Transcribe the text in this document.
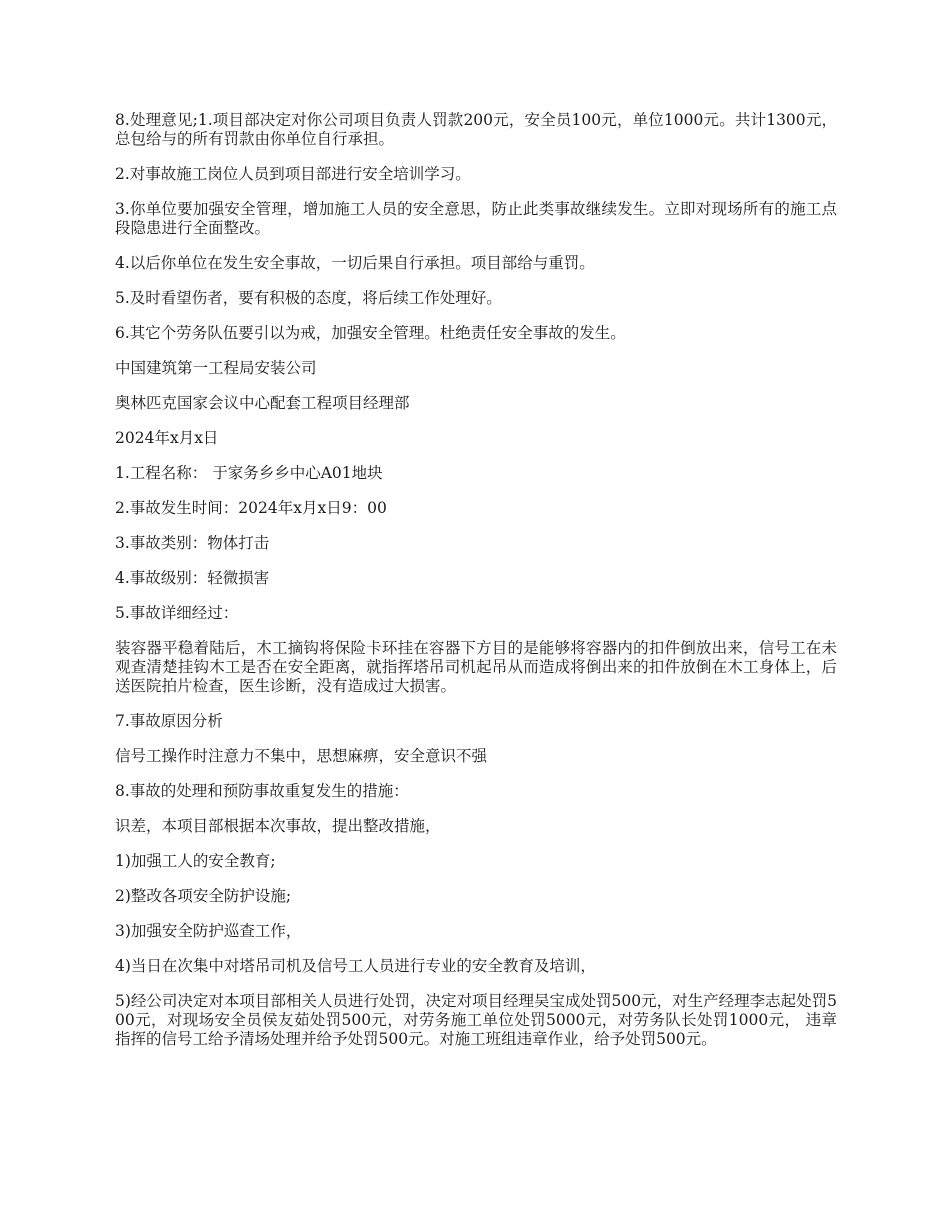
8.处理意见;1.项目部决定对你公司项目负责人罚款200元，安全员100元，单位1000元。共计1300元，总包给与的所有罚款由你单位自行承担。

2.对事故施工岗位人员到项目部进行安全培训学习。

3.你单位要加强安全管理，增加施工人员的安全意思，防止此类事故继续发生。立即对现场所有的施工点段隐患进行全面整改。

4.以后你单位在发生安全事故，一切后果自行承担。项目部给与重罚。

5.及时看望伤者，要有积极的态度，将后续工作处理好。

6.其它个劳务队伍要引以为戒，加强安全管理。杜绝责任安全事故的发生。

中国建筑第一工程局安装公司

奥林匹克国家会议中心配套工程项目经理部

2024年x月x日

1.工程名称： 于家务乡乡中心A01地块

2.事故发生时间：2024年x月x日9：00

3.事故类别：物体打击

4.事故级别：轻微损害

5.事故详细经过：

装容器平稳着陆后，木工摘钩将保险卡环挂在容器下方目的是能够将容器内的扣件倒放出来，信号工在未观查清楚挂钩木工是否在安全距离，就指挥塔吊司机起吊从而造成将倒出来的扣件放倒在木工身体上，后送医院拍片检查，医生诊断，没有造成过大损害。

7.事故原因分析

信号工操作时注意力不集中，思想麻痹，安全意识不强

8.事故的处理和预防事故重复发生的措施：

识差，本项目部根据本次事故，提出整改措施，

1)加强工人的安全教育;

2)整改各项安全防护设施;

3)加强安全防护巡查工作，

4)当日在次集中对塔吊司机及信号工人员进行专业的安全教育及培训，

5)经公司决定对本项目部相关人员进行处罚，决定对项目经理吴宝成处罚500元，对生产经理李志起处罚500元，对现场安全员侯友茹处罚500元，对劳务施工单位处罚5000元，对劳务队长处罚1000元， 违章指挥的信号工给予清场处理并给予处罚500元。对施工班组违章作业，给予处罚500元。
